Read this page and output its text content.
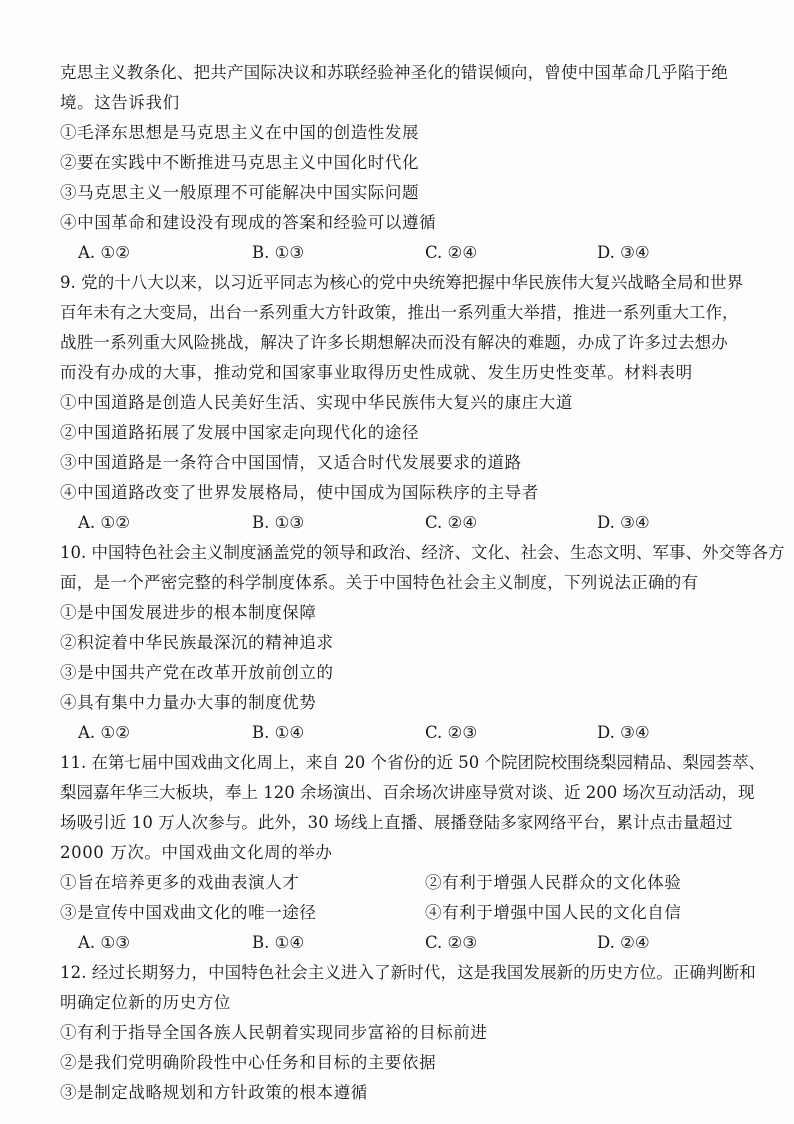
克思主义教条化、把共产国际决议和苏联经验神圣化的错误倾向，曾使中国革命几乎陷于绝
境。这告诉我们
①毛泽东思想是马克思主义在中国的创造性发展
②要在实践中不断推进马克思主义中国化时代化
③马克思主义一般原理不可能解决中国实际问题
④中国革命和建设没有现成的答案和经验可以遵循
A. ①②	B. ①③	C. ②④	D. ③④
9. 党的十八大以来，以习近平同志为核心的党中央统筹把握中华民族伟大复兴战略全局和世界
百年未有之大变局，出台一系列重大方针政策，推出一系列重大举措，推进一系列重大工作，
战胜一系列重大风险挑战，解决了许多长期想解决而没有解决的难题，办成了许多过去想办
而没有办成的大事，推动党和国家事业取得历史性成就、发生历史性变革。材料表明
①中国道路是创造人民美好生活、实现中华民族伟大复兴的康庄大道
②中国道路拓展了发展中国家走向现代化的途径
③中国道路是一条符合中国国情，又适合时代发展要求的道路
④中国道路改变了世界发展格局，使中国成为国际秩序的主导者
A. ①②	B. ①③	C. ②④	D. ③④
10. 中国特色社会主义制度涵盖党的领导和政治、经济、文化、社会、生态文明、军事、外交等各方
面，是一个严密完整的科学制度体系。关于中国特色社会主义制度，下列说法正确的有
①是中国发展进步的根本制度保障
②积淀着中华民族最深沉的精神追求
③是中国共产党在改革开放前创立的
④具有集中力量办大事的制度优势
A. ①②	B. ①④	C. ②③	D. ③④
11. 在第七届中国戏曲文化周上，来自 20 个省份的近 50 个院团院校围绕梨园精品、梨园荟萃、
梨园嘉年华三大板块，奉上 120 余场演出、百余场次讲座导赏对谈、近 200 场次互动活动，现
场吸引近 10 万人次参与。此外，30 场线上直播、展播登陆多家网络平台，累计点击量超过
2000 万次。中国戏曲文化周的举办
①旨在培养更多的戏曲表演人才	②有利于增强人民群众的文化体验
③是宣传中国戏曲文化的唯一途径	④有利于增强中国人民的文化自信
A. ①③	B. ①④	C. ②③	D. ②④
12. 经过长期努力，中国特色社会主义进入了新时代，这是我国发展新的历史方位。正确判断和
明确定位新的历史方位
①有利于指导全国各族人民朝着实现同步富裕的目标前进
②是我们党明确阶段性中心任务和目标的主要依据
③是制定战略规划和方针政策的根本遵循
